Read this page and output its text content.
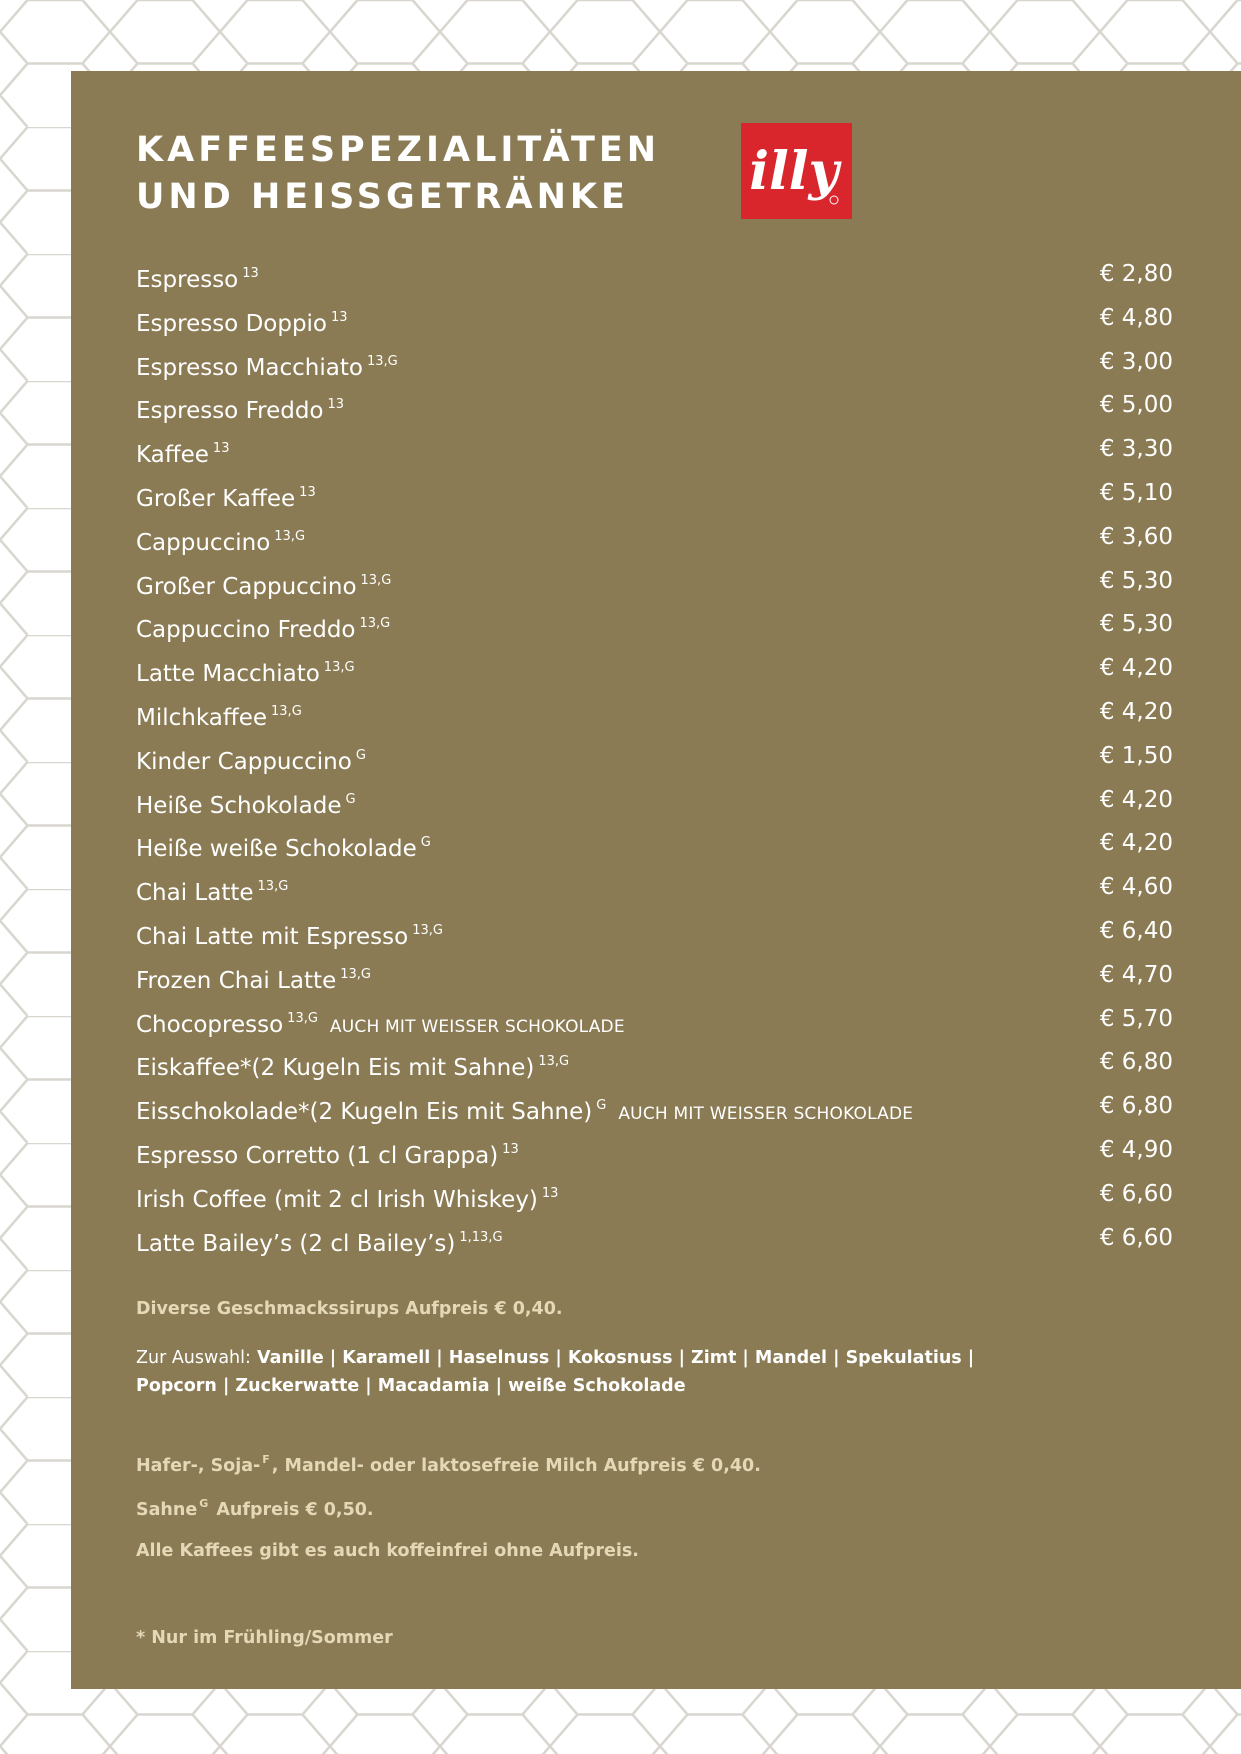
KAFFEESPEZIALITÄTEN
UND HEISSGETRÄNKE	illy
Espresso $^{13}$	€ 2,80
Espresso Doppio $^{13}$	€ 4,80
Espresso Macchiato $^{13,G}$	€ 3,00
Espresso Freddo $^{13}$	€ 5,00
Kaffee $^{13}$	€ 3,30
Großer Kaffee $^{13}$	€ 5,10
Cappuccino $^{13,G}$	€ 3,60
Großer Cappuccino $^{13,G}$	€ 5,30
Cappuccino Freddo $^{13,G}$	€ 5,30
Latte Macchiato $^{13,G}$	€ 4,20
Milchkaffee $^{13,G}$	€ 4,20
Kinder Cappuccino $^G$	€ 1,50
Heiße Schokolade $^G$	€ 4,20
Heiße weiße Schokolade $^G$	€ 4,20
Chai Latte $^{13,G}$	€ 4,60
Chai Latte mit Espresso $^{13,G}$	€ 6,40
Frozen Chai Latte $^{13,G}$	€ 4,70
Chocopresso $^{13,G}$ AUCH MIT WEISSER SCHOKOLADE	€ 5,70
Eiskaffee*(2 Kugeln Eis mit Sahne) $^{13,G}$	€ 6,80
Eisschokolade*(2 Kugeln Eis mit Sahne) $^G$ AUCH MIT WEISSER SCHOKOLADE	€ 6,80
Espresso Corretto (1 cl Grappa) $^{13}$	€ 4,90
Irish Coffee (mit 2 cl Irish Whiskey) $^{13}$	€ 6,60
Latte Bailey’s (2 cl Bailey’s) $^{1,13,G}$	€ 6,60
Diverse Geschmackssirups Aufpreis € 0,40.
Zur Auswahl: Vanille | Karamell | Haselnuss | Kokosnuss | Zimt | Mandel | Spekulatius |
Popcorn | Zuckerwatte | Macadamia | weiße Schokolade
Hafer-, Soja- $^F$ , Mandel- oder laktosefreie Milch Aufpreis € 0,40.
Sahne $^G$ Aufpreis € 0,50.
Alle Kaffees gibt es auch koffeinfrei ohne Aufpreis.
* Nur im Frühling/Sommer
